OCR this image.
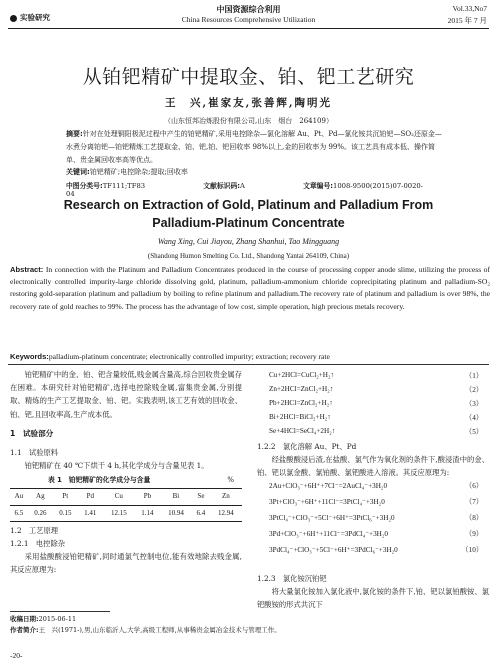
实验研究
中国资源综合利用
China Resources Comprehensive Utilization
Vol.33,No7
2015 年 7 月
从铂钯精矿中提取金、铂、钯工艺研究
王　兴,崔家友,张善辉,陶明光
（山东恒邦冶炼股份有限公司,山东　烟台　264109）
摘要:针对在处理铜阳极泥过程中产生的铂钯精矿,采用电控除杂—氯化溶解 Au、Pt、Pd—氯化铵共沉铂钯—SO₂还原金—水煮分离铂钯—铂钯精炼工艺提取金、铂、钯,铂、钯回收率 98%以上,金的回收率为 99%。该工艺具有成本低、操作简单、贵金属回收率高等优点。
关键词:铂钯精矿;电控除杂;提取;回收率
中图分类号:TF111;TF83	文献标识码:A	文章编号:1008-9500(2015)07-0020-04
Research on Extraction of Gold, Platinum and Palladium From
Palladium-Platinum Concentrate
Wang Xing, Cui Jiayou, Zhang Shanhui, Tao Mingguang
(Shandong Humon Smelting Co. Ltd., Shandong Yantai 264109, China)
Abstract: In connection with the Platinum and Palladium Concentrates produced in the course of processing copper anode slime, utilizing the process of electronically controlled impurity-large chloride dissolving gold, platinum, palladium-ammonium chloride coprecipitating platinum and palladium-SO₂ restoring gold-separation platinum and palladium by boiling to refine platinum and palladium.The recovery rate of platinum and palladium is over 98%, the recovery rate of gold reaches to 99%. The process has the advantage of low cost, simple operation, high precious metals recovery.
Keywords:palladium-platinum concentrate; electronically controlled impurity; extraction; recovery rate
铂钯精矿中的金、铂、钯含量较低,贱金属含量高,综合回收贵金属存在困难。本研究针对铂钯精矿,选择电控除贱金属,富集贵金属,分别提取、精炼的生产工艺提取金、铂、钯。实践表明,该工艺有效的回收金、铂、钯,且回收率高,生产成本低。
1　试验部分
1.1　试验原料
铂钯精矿在 40 ℃下烘干 4 h,其化学成分与含量见表 1。
表 1　铂钯精矿的化学成分与含量	%
Au	Ag	Pt	Pd	Cu	Pb	Bi	Se	Zn
6.5	0.26	0.15	1.41	12.15	1.14	10.94	6.4	12.94
1.2　工艺原理
1.2.1　电控除杂
采用盐酸酸浸铂钯精矿,同时通氯气控制电位,能有效地除去贱金属,其反应原理为:
Cu+2HCl=CuCl₂+H₂↑	（1）
Zn+2HCl=ZnCl₂+H₂↑	（2）
Pb+2HCl=ZnCl₂+H₂↑	（3）
Bi+2HCl=BiCl₂+H₂↑	（4）
Se+4HCl=SeCl₄+2H₂↑	（5）
1.2.2　氯化溶解 Au、Pt、Pd
经盐酸酸浸后渣,在盐酸、氯气作为氧化剂的条件下,酸浸渣中的金、铂、钯以氯金酸、氯铂酸、氯钯酸进入溶液。其反应原理为:
2Au+ClO₃⁻+6H⁺+7Cl⁻=2AuCl₄⁻+3H₂0	（6）
3Pt+ClO₃⁻+6H⁺+11Cl⁻=3PtCl₄⁻+3H₂0	（7）
3PtCl₄⁻+ClO₃⁻+5Cl⁻+6H⁺=3PtCl₆⁻+3H₂0	（8）
3Pd+ClO₃⁻+6H⁺+11Cl⁻=3PdCl₄⁻+3H₂0	（9）
3PdCl₄⁻+ClO₃⁻+5Cl⁻+6H⁺=3PdCl₆⁻+3H₂0	（10）
1.2.3　氯化铵沉铂钯
将大量氯化铵加入氯化液中,氯化铵的条件下,铂、钯以氯铂酸铵、氯钯酸铵的形式共沉下
收稿日期:2015-06-11
作者简介:王　兴(1971-),男,山东临沂人,大学,高级工程师,从事稀贵金属冶金技术与管理工作。
-20-
